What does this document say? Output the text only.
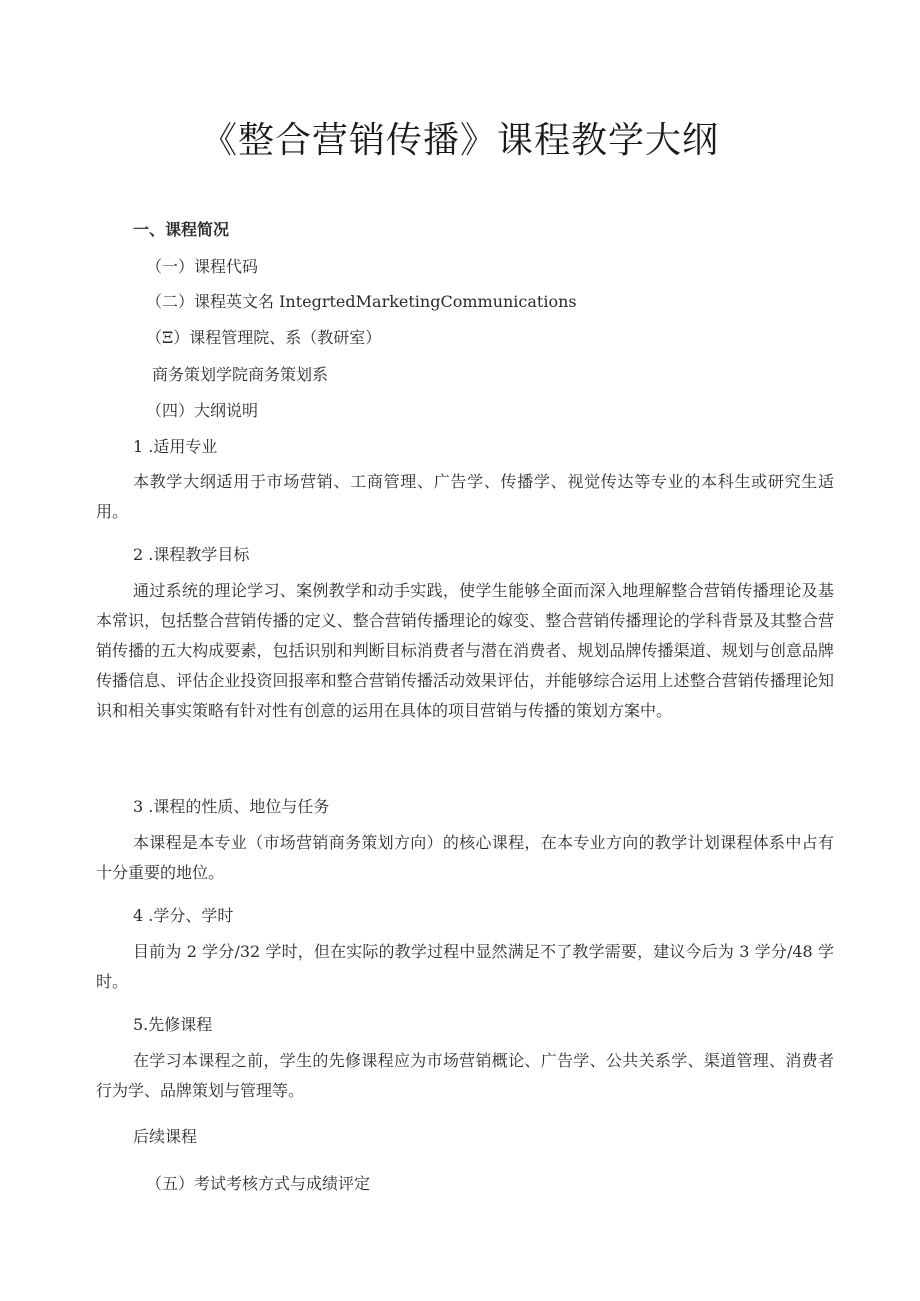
《整合营销传播》课程教学大纲
一、课程简况
（一）课程代码
（二）课程英文名 IntegrtedMarketingCommunications
（Ξ）课程管理院、系（教研室）
商务策划学院商务策划系
（四）大纲说明
1 .适用专业
本教学大纲适用于市场营销、工商管理、广告学、传播学、视觉传达等专业的本科生或研究生适用。
2 .课程教学目标
通过系统的理论学习、案例教学和动手实践，使学生能够全面而深入地理解整合营销传播理论及基本常识，包括整合营销传播的定义、整合营销传播理论的嫁变、整合营销传播理论的学科背景及其整合营销传播的五大构成要素，包括识别和判断目标消费者与潜在消费者、规划品牌传播渠道、规划与创意品牌传播信息、评估企业投资回报率和整合营销传播活动效果评估，并能够综合运用上述整合营销传播理论知识和相关事实策略有针对性有创意的运用在具体的项目营销与传播的策划方案中。
3 .课程的性质、地位与任务
本课程是本专业（市场营销商务策划方向）的核心课程，在本专业方向的教学计划课程体系中占有十分重要的地位。
4 .学分、学时
目前为 2 学分/32 学时，但在实际的教学过程中显然满足不了教学需要，建议今后为 3 学分/48 学时。
5.先修课程
在学习本课程之前，学生的先修课程应为市场营销概论、广告学、公共关系学、渠道管理、消费者行为学、品牌策划与管理等。
后续课程
（五）考试考核方式与成绩评定
